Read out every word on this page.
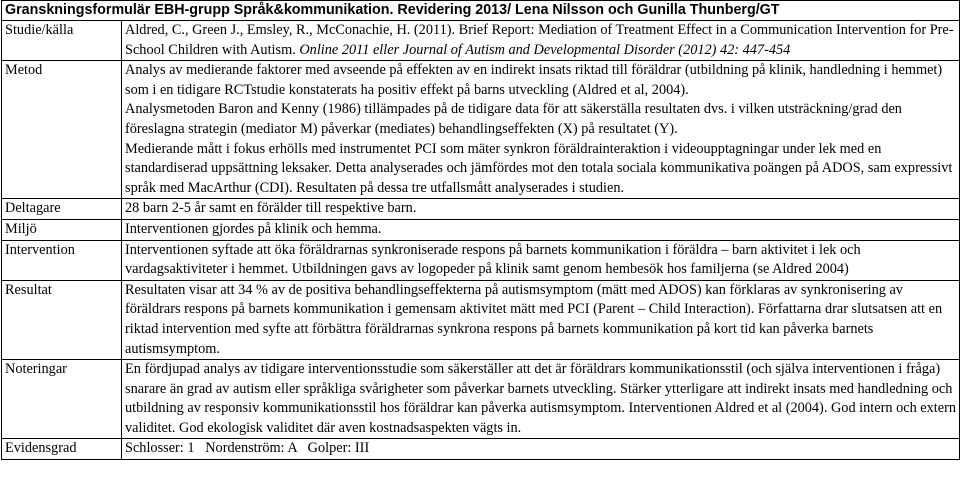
Granskningsformulär EBH-grupp Språk&kommunikation. Revidering 2013/ Lena Nilsson och Gunilla Thunberg/GT	
Studie/källa	Aldred, C., Green J., Emsley, R., McConachie, H. (2011). Brief Report: Mediation of Treatment Effect in a Communication Intervention for Pre-School Children with Autism. Online 2011 eller Journal of Autism and Developmental Disorder (2012) 42: 447-454
Metod	Analys av medierande faktorer med avseende på effekten av en indirekt insats riktad till föräldrar (utbildning på klinik, handledning i hemmet) som i en tidigare RCTstudie konstaterats ha positiv effekt på barns utveckling (Aldred et al, 2004).

Analysmetoden Baron and Kenny (1986) tillämpades på de tidigare data för att säkerställa resultaten dvs. i vilken utsträckning/grad den föreslagna strategin (mediator M) påverkar (mediates) behandlingseffekten (X) på resultatet (Y).

Medierande mått i fokus erhölls med instrumentet PCI som mäter synkron föräldrainteraktion i videoupptagningar under lek med en standardiserad uppsättning leksaker. Detta analyserades och jämfördes mot den totala sociala kommunikativa poängen på ADOS, sam expressivt språk med MacArthur (CDI). Resultaten på dessa tre utfallsmått analyserades i studien.

Deltagare	28 barn 2-5 år samt en förälder till respektive barn.
Miljö	Interventionen gjordes på klinik och hemma.
Intervention	Interventionen syftade att öka föräldrarnas synkroniserade respons på barnets kommunikation i föräldra – barn aktivitet i lek och vardagsaktiviteter i hemmet. Utbildningen gavs av logopeder på klinik samt genom hembesök hos familjerna (se Aldred 2004)
Resultat	Resultaten visar att 34 % av de positiva behandlingseffekterna på autismsymptom (mätt med ADOS) kan förklaras av synkronisering av föräldrars respons på barnets kommunikation i gemensam aktivitet mätt med PCI (Parent – Child Interaction). Författarna drar slutsatsen att en riktad intervention med syfte att förbättra föräldrarnas synkrona respons på barnets kommunikation på kort tid kan påverka barnets autismsymptom.
Noteringar	En fördjupad analys av tidigare interventionsstudie som säkerställer att det är föräldrars kommunikationsstil (och själva interventionen i fråga) snarare än grad av autism eller språkliga svårigheter som påverkar barnets utveckling. Stärker ytterligare att indirekt insats med handledning och utbildning av responsiv kommunikationsstil hos föräldrar kan påverka autismsymptom. Interventionen Aldred et al (2004). God intern och extern validitet. God ekologisk validitet där aven kostnadsaspekten vägts in.
Evidensgrad	Schlosser: 1   Nordenström: A   Golper: III
